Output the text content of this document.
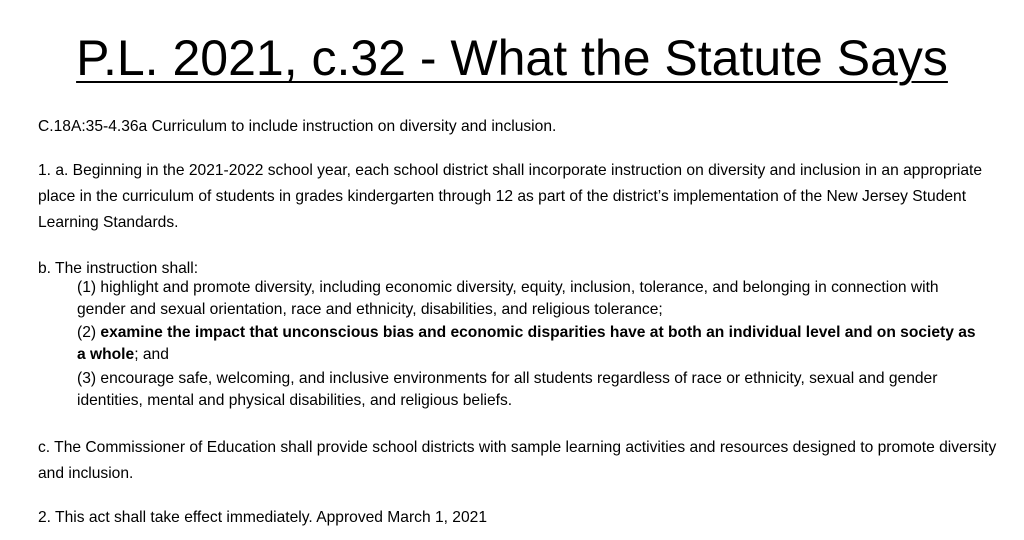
P.L. 2021, c.32 - What the Statute Says

C.18A:35-4.36a Curriculum to include instruction on diversity and inclusion.

1. a. Beginning in the 2021-2022 school year, each school district shall incorporate instruction on diversity and inclusion in an appropriate place in the curriculum of students in grades kindergarten through 12 as part of the district’s implementation of the New Jersey Student Learning Standards.

b. The instruction shall:

(1) highlight and promote diversity, including economic diversity, equity, inclusion, tolerance, and belonging in connection with gender and sexual orientation, race and ethnicity, disabilities, and religious tolerance;

(2) examine the impact that unconscious bias and economic disparities have at both an individual level and on society as a whole; and

(3) encourage safe, welcoming, and inclusive environments for all students regardless of race or ethnicity, sexual and gender identities, mental and physical disabilities, and religious beliefs.

c. The Commissioner of Education shall provide school districts with sample learning activities and resources designed to promote diversity and inclusion.

2. This act shall take effect immediately. Approved March 1, 2021
